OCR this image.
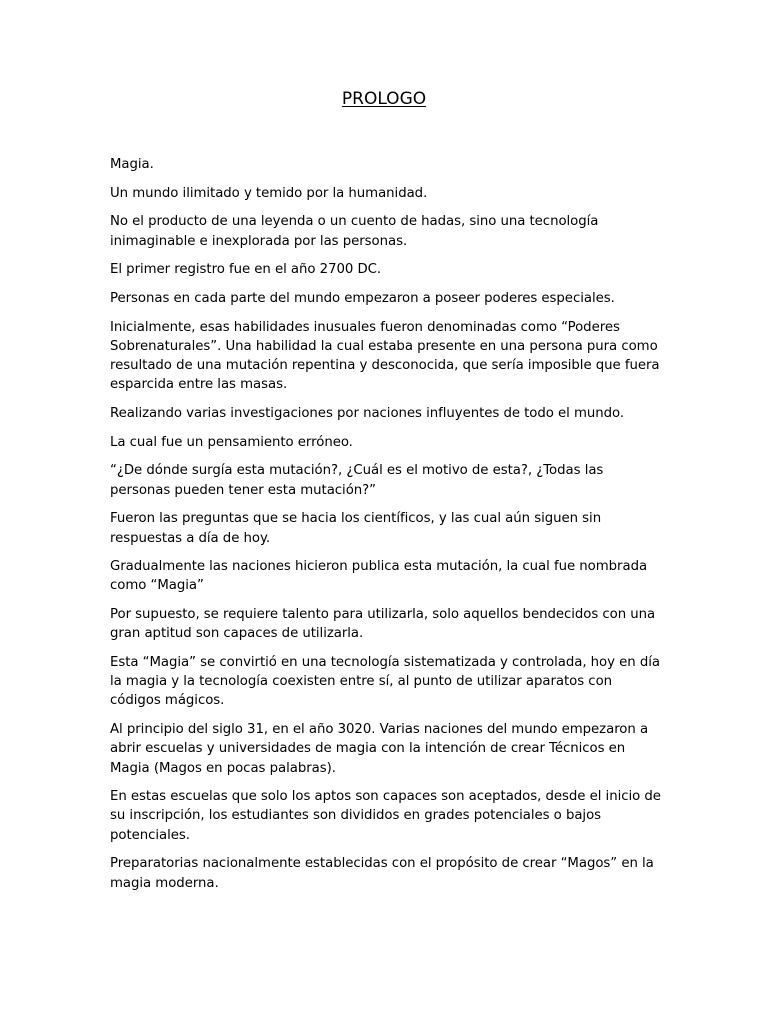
PROLOGO

Magia.

Un mundo ilimitado y temido por la humanidad.

No el producto de una leyenda o un cuento de hadas, sino una tecnología inimaginable e inexplorada por las personas.

El primer registro fue en el año 2700 DC.

Personas en cada parte del mundo empezaron a poseer poderes especiales.

Inicialmente, esas habilidades inusuales fueron denominadas como “Poderes Sobrenaturales”. Una habilidad la cual estaba presente en una persona pura como resultado de una mutación repentina y desconocida, que sería imposible que fuera esparcida entre las masas.

Realizando varias investigaciones por naciones influyentes de todo el mundo.

La cual fue un pensamiento erróneo.

“¿De dónde surgía esta mutación?, ¿Cuál es el motivo de esta?, ¿Todas las personas pueden tener esta mutación?”

Fueron las preguntas que se hacia los científicos, y las cual aún siguen sin respuestas a día de hoy.

Gradualmente las naciones hicieron publica esta mutación, la cual fue nombrada como “Magia”

Por supuesto, se requiere talento para utilizarla, solo aquellos bendecidos con una gran aptitud son capaces de utilizarla.

Esta “Magia” se convirtió en una tecnología sistematizada y controlada, hoy en día la magia y la tecnología coexisten entre sí, al punto de utilizar aparatos con códigos mágicos.

Al principio del siglo 31, en el año 3020. Varias naciones del mundo empezaron a abrir escuelas y universidades de magia con la intención de crear Técnicos en Magia (Magos en pocas palabras).

En estas escuelas que solo los aptos son capaces son aceptados, desde el inicio de su inscripción, los estudiantes son divididos en grades potenciales o bajos potenciales.

Preparatorias nacionalmente establecidas con el propósito de crear “Magos” en la magia moderna.
